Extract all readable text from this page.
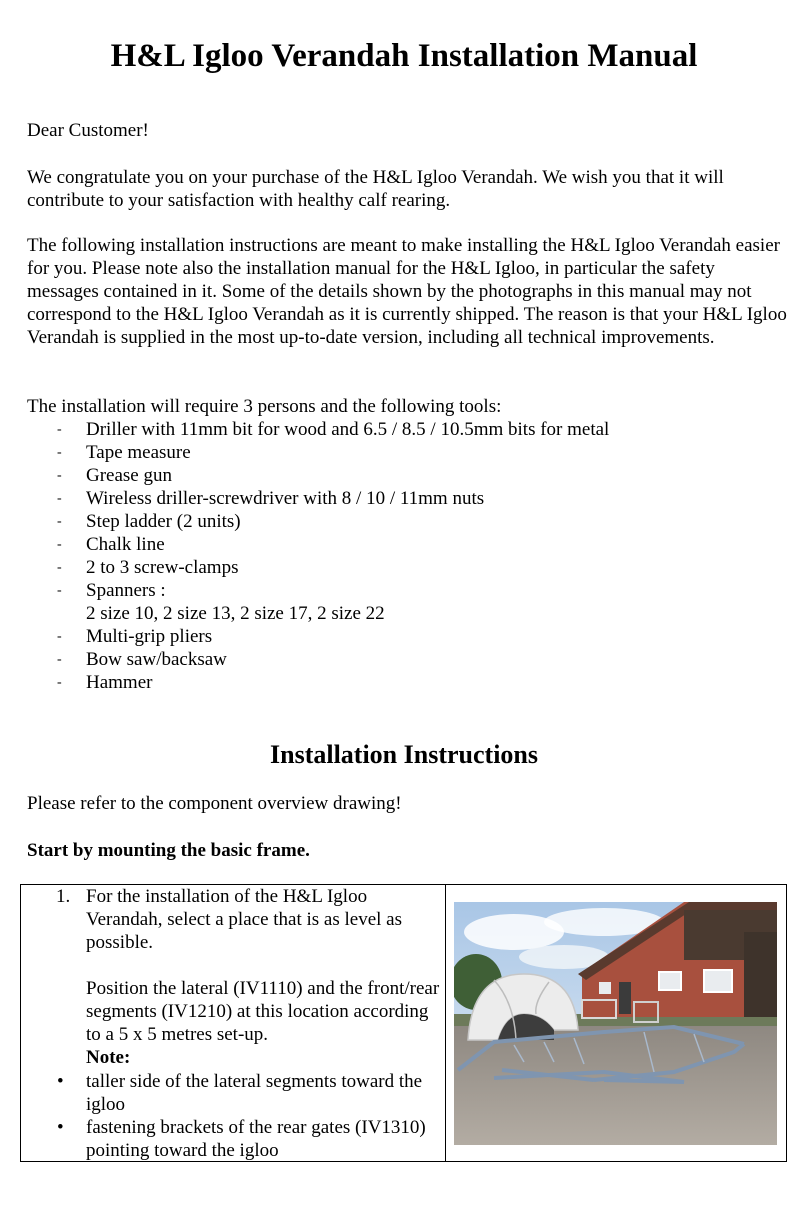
H&L Igloo Verandah Installation Manual

Dear Customer!

We congratulate you on your purchase of the H&L Igloo Verandah. We wish you that it will contribute to your satisfaction with healthy calf rearing.

The following installation instructions are meant to make installing the H&L Igloo Verandah easier for you. Please note also the installation manual for the H&L Igloo, in particular the safety messages contained in it. Some of the details shown by the photographs in this manual may not correspond to the H&L Igloo Verandah as it is currently shipped. The reason is that your H&L Igloo Verandah is supplied in the most up-to-date version, including all technical improvements.

The installation will require 3 persons and the following tools:

- Driller with 11mm bit for wood and 6.5 / 8.5 / 10.5mm bits for metal
- Tape measure
- Grease gun
- Wireless driller-screwdriver with 8 / 10 / 11mm nuts
- Step ladder (2 units)
- Chalk line
- 2 to 3 screw-clamps
- Spanners :
2 size 10, 2 size 13, 2 size 17, 2 size 22
- Multi-grip pliers
- Bow saw/backsaw
- Hammer
Installation Instructions

Please refer to the component overview drawing!

Start by mounting the basic frame.

1. For the installation of the H&L Igloo Verandah, select a place that is as level as possible.

Position the lateral (IV1110) and the front/rear segments (IV1210) at this location according to a 5 x 5 metres set-up.

Note:

• taller side of the lateral segments toward the igloo
• fastening brackets of the rear gates (IV1310) pointing toward the igloo
